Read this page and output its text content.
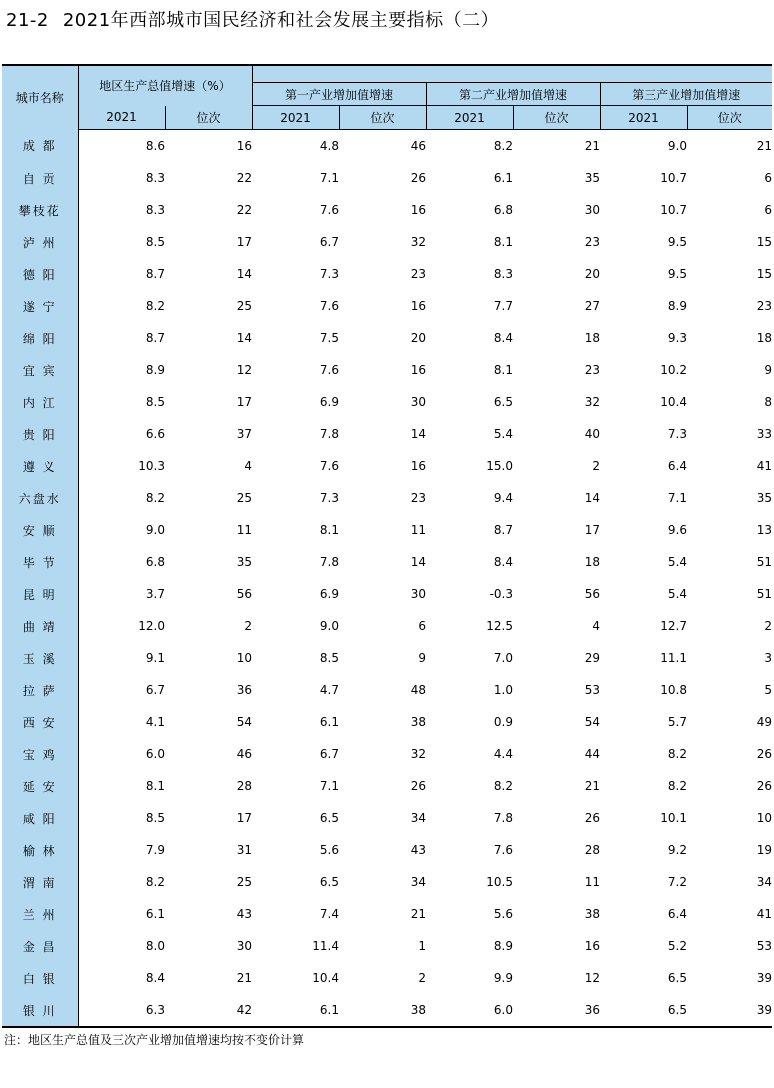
21-2 2021年西部城市国民经济和社会发展主要指标（二）
城市名称	地区生产总值增速（%）							
			第一产业增加值增速		第二产业增加值增速		第三产业增加值增速	
	2021	位次	2021	位次	2021	位次	2021	位次
成 都	8.6	16	4.8	46	8.2	21	9.0	21
自 贡	8.3	22	7.1	26	6.1	35	10.7	6
攀枝花	8.3	22	7.6	16	6.8	30	10.7	6
泸 州	8.5	17	6.7	32	8.1	23	9.5	15
德 阳	8.7	14	7.3	23	8.3	20	9.5	15
遂 宁	8.2	25	7.6	16	7.7	27	8.9	23
绵 阳	8.7	14	7.5	20	8.4	18	9.3	18
宜 宾	8.9	12	7.6	16	8.1	23	10.2	9
内 江	8.5	17	6.9	30	6.5	32	10.4	8
贵 阳	6.6	37	7.8	14	5.4	40	7.3	33
遵 义	10.3	4	7.6	16	15.0	2	6.4	41
六盘水	8.2	25	7.3	23	9.4	14	7.1	35
安 顺	9.0	11	8.1	11	8.7	17	9.6	13
毕 节	6.8	35	7.8	14	8.4	18	5.4	51
昆 明	3.7	56	6.9	30	-0.3	56	5.4	51
曲 靖	12.0	2	9.0	6	12.5	4	12.7	2
玉 溪	9.1	10	8.5	9	7.0	29	11.1	3
拉 萨	6.7	36	4.7	48	1.0	53	10.8	5
西 安	4.1	54	6.1	38	0.9	54	5.7	49
宝 鸡	6.0	46	6.7	32	4.4	44	8.2	26
延 安	8.1	28	7.1	26	8.2	21	8.2	26
咸 阳	8.5	17	6.5	34	7.8	26	10.1	10
榆 林	7.9	31	5.6	43	7.6	28	9.2	19
渭 南	8.2	25	6.5	34	10.5	11	7.2	34
兰 州	6.1	43	7.4	21	5.6	38	6.4	41
金 昌	8.0	30	11.4	1	8.9	16	5.2	53
白 银	8.4	21	10.4	2	9.9	12	6.5	39
银 川	6.3	42	6.1	38	6.0	36	6.5	39
注：地区生产总值及三次产业增加值增速均按不变价计算
